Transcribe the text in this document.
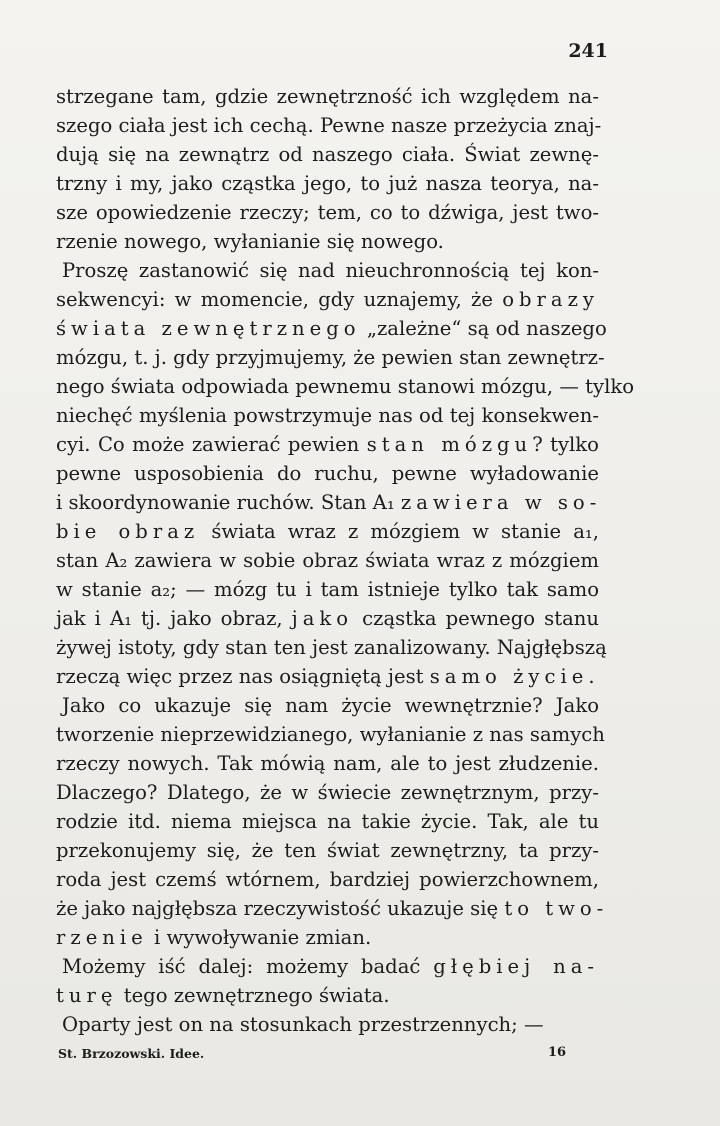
241
strzegane tam, gdzie zewnętrzność ich względem na-
szego ciała jest ich cechą. Pewne nasze przeżycia znaj-
dują się na zewnątrz od naszego ciała. Świat zewnę-
trzny i my, jako cząstka jego, to już nasza teorya, na-
sze opowiedzenie rzeczy; tem, co to dźwiga, jest two-
rzenie nowego, wyłanianie się nowego.
Proszę zastanowić się nad nieuchronnością tej kon-
sekwencyi: w momencie, gdy uznajemy, że obrazy
świata zewnętrznego „zależne“ są od naszego
mózgu, t. j. gdy przyjmujemy, że pewien stan zewnętrz-
nego świata odpowiada pewnemu stanowi mózgu, — tylko
niechęć myślenia powstrzymuje nas od tej konsekwen-
cyi. Co może zawierać pewien stan mózgu? tylko
pewne usposobienia do ruchu, pewne wyładowanie
i skoordynowanie ruchów. Stan A₁ zawiera w so-
bie obraz świata wraz z mózgiem w stanie a₁,
stan A₂ zawiera w sobie obraz świata wraz z mózgiem
w stanie a₂; — mózg tu i tam istnieje tylko tak samo
jak i A₁ tj. jako obraz, jako cząstka pewnego stanu
żywej istoty, gdy stan ten jest zanalizowany. Najgłębszą
rzeczą więc przez nas osiągniętą jest samo życie.
Jako co ukazuje się nam życie wewnętrznie? Jako
tworzenie nieprzewidzianego, wyłanianie z nas samych
rzeczy nowych. Tak mówią nam, ale to jest złudzenie.
Dlaczego? Dlatego, że w świecie zewnętrznym, przy-
rodzie itd. niema miejsca na takie życie. Tak, ale tu
przekonujemy się, że ten świat zewnętrzny, ta przy-
roda jest czemś wtórnem, bardziej powierzchownem,
że jako najgłębsza rzeczywistość ukazuje się to two-
rzenie i wywoływanie zmian.
Możemy iść dalej: możemy badać głębiej na-
turę tego zewnętrznego świata.
Oparty jest on na stosunkach przestrzennych; —
St. Brzozowski. Idee.	16
